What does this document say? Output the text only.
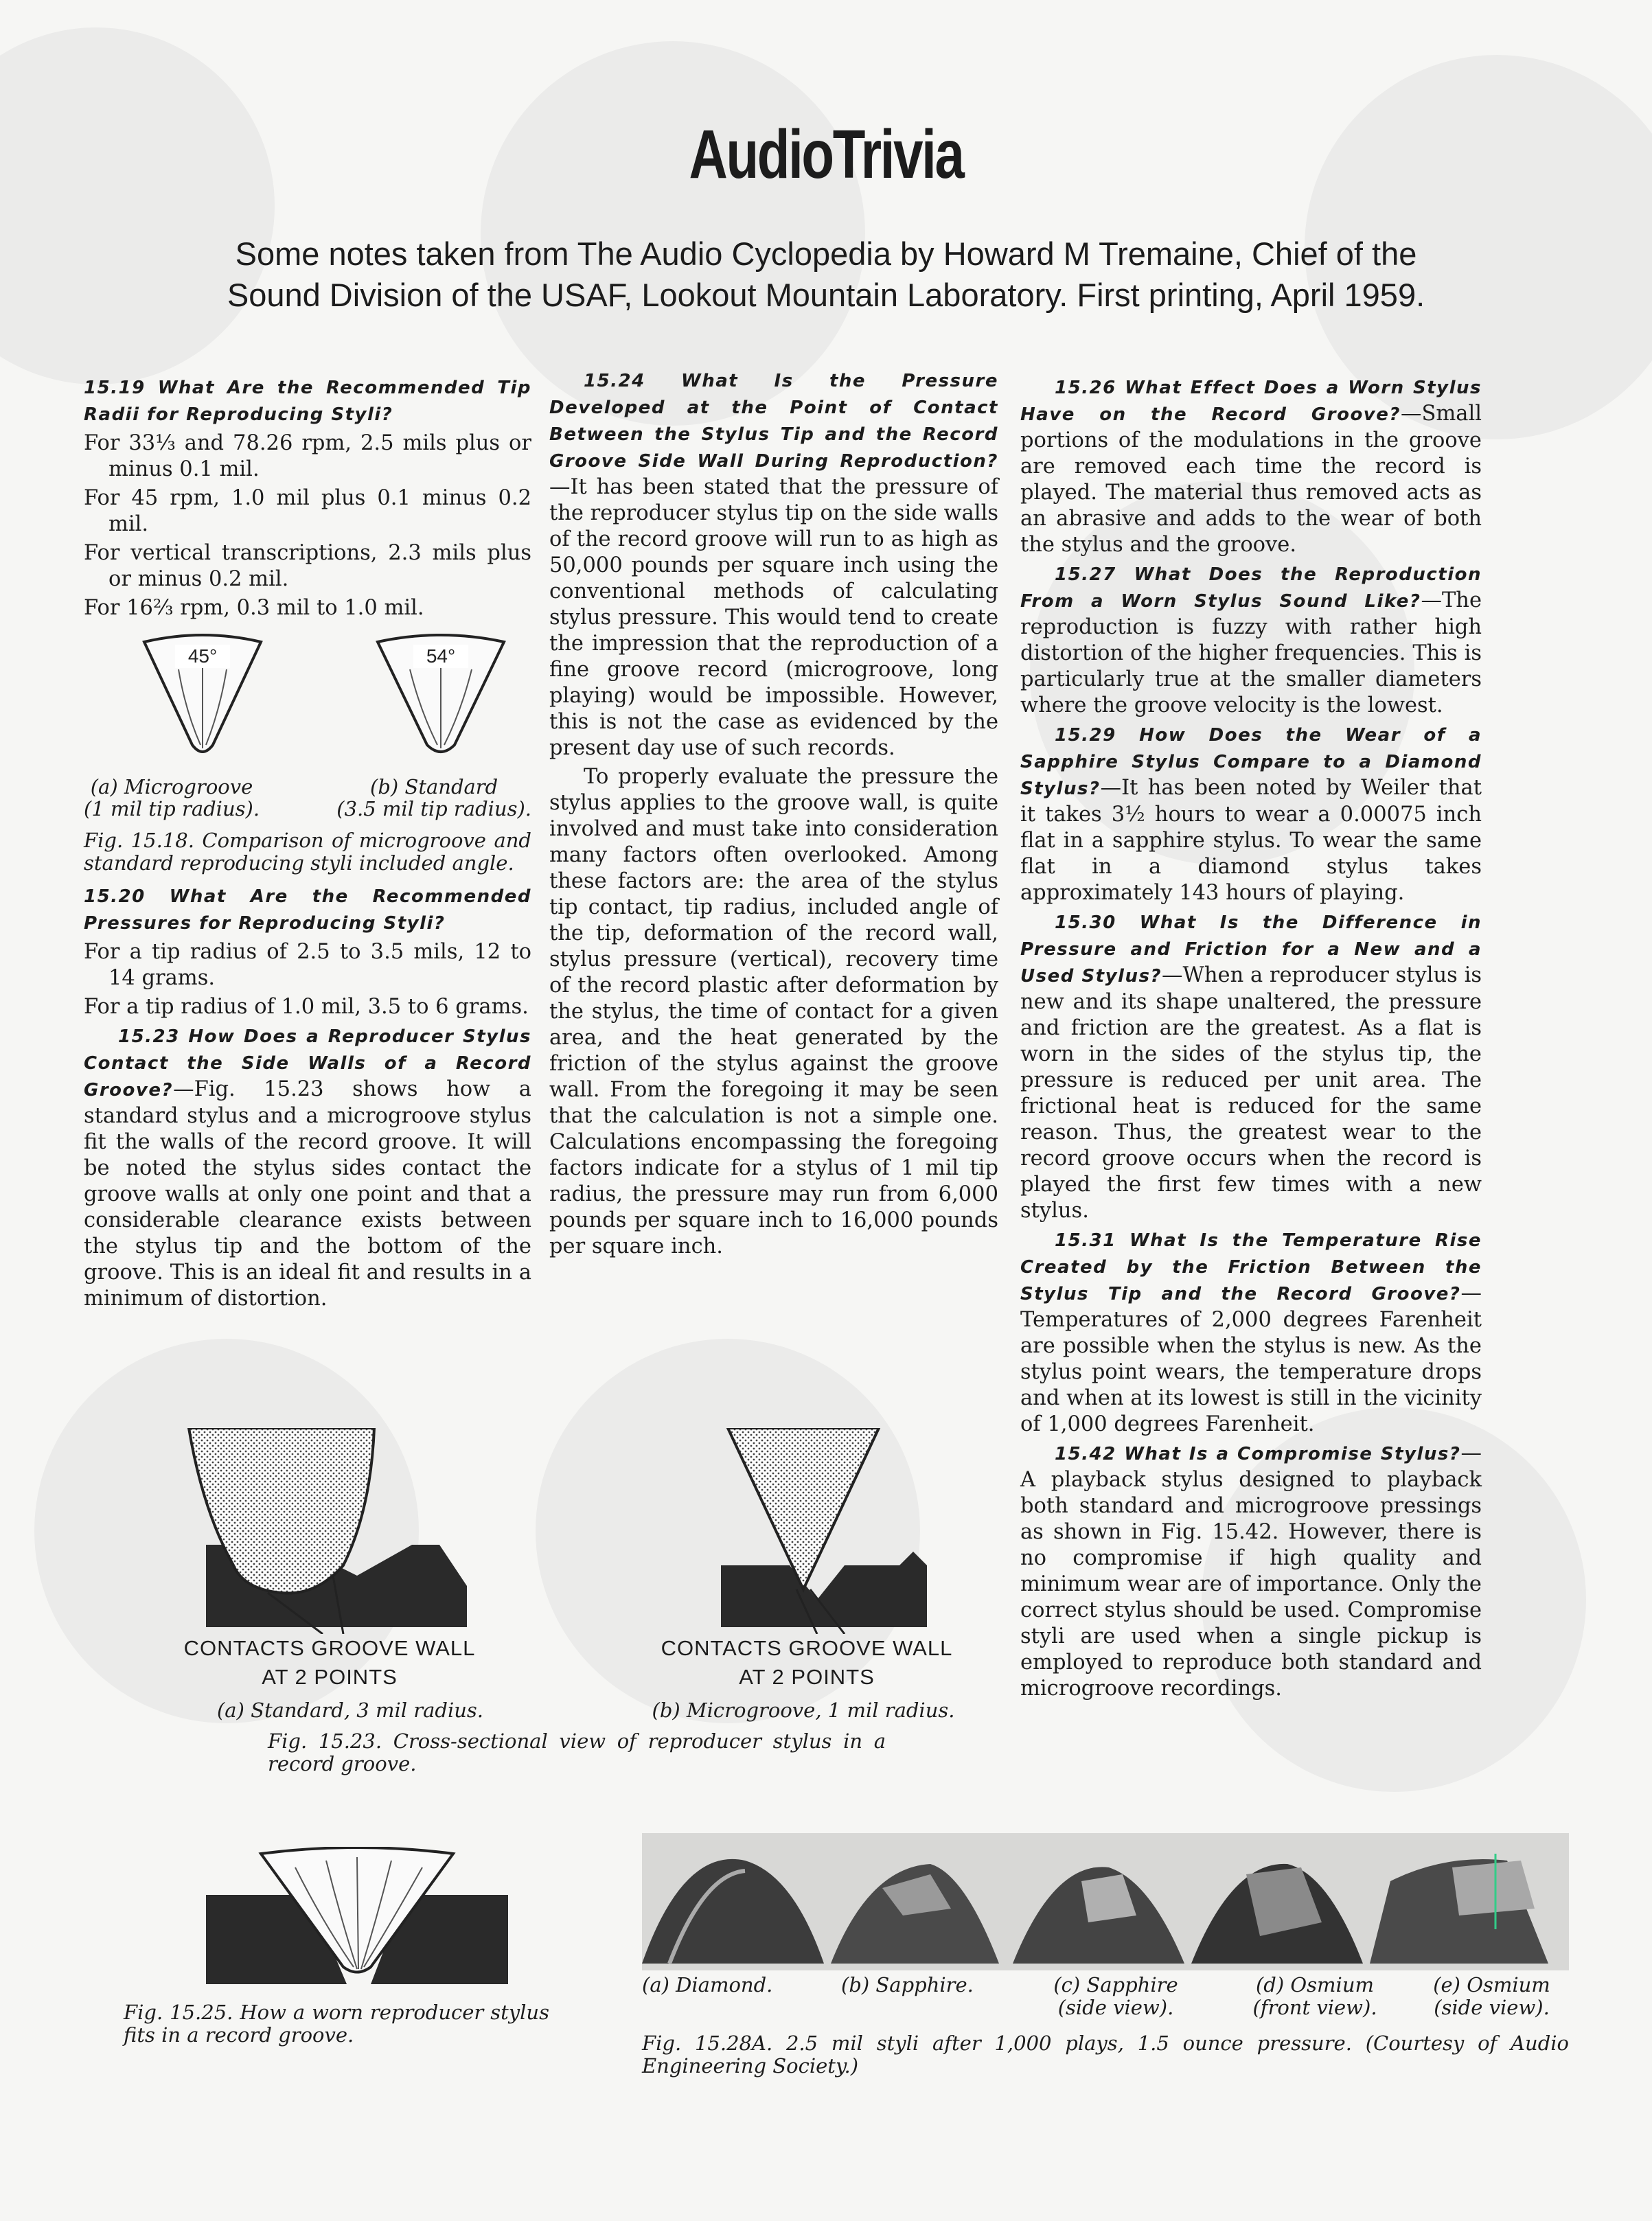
AudioTrivia
Some notes taken from The Audio Cyclopedia by Howard M Tremaine, Chief of the
Sound Division of the USAF, Lookout Mountain Laboratory. First printing, April 1959.

15.19 What Are the Recommended Tip Radii for Reproducing Styli?

For 33⅓ and 78.26 rpm, 2.5 mils plus or minus 0.1 mil.

For 45 rpm, 1.0 mil plus 0.1 minus 0.2 mil.

For vertical transcriptions, 2.3 mils plus or minus 0.2 mil.

For 16⅔ rpm, 0.3 mil to 1.0 mil.

45°	54°
(a) Microgroove
(1 mil tip radius).
(b) Standard
(3.5 mil tip radius).

Fig. 15.18. Comparison of microgroove and standard reproducing styli included angle.

15.20 What Are the Recommended Pressures for Reproducing Styli?

For a tip radius of 2.5 to 3.5 mils, 12 to 14 grams.

For a tip radius of 1.0 mil, 3.5 to 6 grams.

15.23 How Does a Reproducer Stylus Contact the Side Walls of a Record Groove?—Fig. 15.23 shows how a standard stylus and a microgroove stylus fit the walls of the record groove. It will be noted the stylus sides contact the groove walls at only one point and that a considerable clearance exists between the stylus tip and the bottom of the groove. This is an ideal fit and results in a minimum of distortion.

15.24 What Is the Pressure Developed at the Point of Contact Between the Stylus Tip and the Record Groove Side Wall During Reproduction?—It has been stated that the pressure of the reproducer stylus tip on the side walls of the record groove will run to as high as 50,000 pounds per square inch using the conventional methods of calculating stylus pressure. This would tend to create the impression that the reproduction of a fine groove record (microgroove, long playing) would be impossible. However, this is not the case as evidenced by the present day use of such records.

To properly evaluate the pressure the stylus applies to the groove wall, is quite involved and must take into consideration many factors often overlooked. Among these factors are: the area of the stylus tip contact, tip radius, included angle of the tip, deformation of the record wall, stylus pressure (vertical), recovery time of the record plastic after deformation by the stylus, the time of contact for a given area, and the heat generated by the friction of the stylus against the groove wall. From the foregoing it may be seen that the calculation is not a simple one. Calculations encompassing the foregoing factors indicate for a stylus of 1 mil tip radius, the pressure may run from 6,000 pounds per square inch to 16,000 pounds per square inch.

15.26 What Effect Does a Worn Stylus Have on the Record Groove?—Small portions of the modulations in the groove are removed each time the record is played. The material thus removed acts as an abrasive and adds to the wear of both the stylus and the groove.

15.27 What Does the Reproduction From a Worn Stylus Sound Like?—The reproduction is fuzzy with rather high distortion of the higher frequencies. This is particularly true at the smaller diameters where the groove velocity is the lowest.

15.29 How Does the Wear of a Sapphire Stylus Compare to a Diamond Stylus?—It has been noted by Weiler that it takes 3½ hours to wear a 0.00075 inch flat in a sapphire stylus. To wear the same flat in a diamond stylus takes approximately 143 hours of playing.

15.30 What Is the Difference in Pressure and Friction for a New and a Used Stylus?—When a reproducer stylus is new and its shape unaltered, the pressure and friction are the greatest. As a flat is worn in the sides of the stylus tip, the pressure is reduced per unit area. The frictional heat is reduced for the same reason. Thus, the greatest wear to the record groove occurs when the record is played the first few times with a new stylus.

15.31 What Is the Temperature Rise Created by the Friction Between the Stylus Tip and the Record Groove?—Temperatures of 2,000 degrees Farenheit are possible when the stylus is new. As the stylus point wears, the temperature drops and when at its lowest is still in the vicinity of 1,000 degrees Farenheit.

15.42 What Is a Compromise Stylus?—A playback stylus designed to playback both standard and microgroove pressings as shown in Fig. 15.42. However, there is no compromise if high quality and minimum wear are of importance. Only the correct stylus should be used. Compromise styli are used when a single pickup is employed to reproduce both standard and microgroove recordings.

CONTACTS GROOVE WALL
AT 2 POINTS
(a) Standard, 3 mil radius.
CONTACTS GROOVE WALL
AT 2 POINTS
(b) Microgroove, 1 mil radius.
Fig. 15.23. Cross-sectional view of reproducer stylus in a record groove.
Fig. 15.25. How a worn reproducer stylus fits in a record groove.
(a) Diamond.	(b) Sapphire.	(c) Sapphire
(side view).
(d) Osmium
(front view).
(e) Osmium
(side view).
Fig. 15.28A. 2.5 mil styli after 1,000 plays, 1.5 ounce pressure. (Courtesy of Audio Engineering Society.)
